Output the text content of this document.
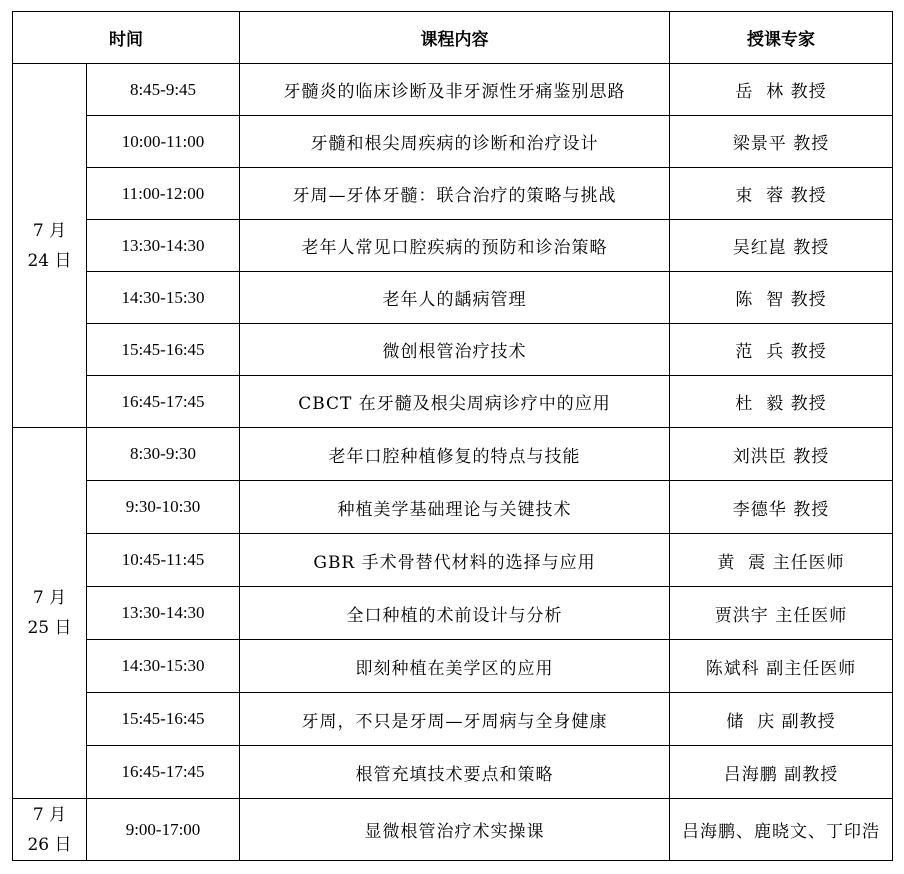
时间		课程内容	授课专家

7 月
24 日	8:45-9:45	牙髓炎的临床诊断及非牙源性牙痛鉴别思路	岳  林 教授
	10:00-11:00	牙髓和根尖周疾病的诊断和治疗设计	梁景平 教授
	11:00-12:00	牙周—牙体牙髓：联合治疗的策略与挑战	束  蓉 教授
	13:30-14:30	老年人常见口腔疾病的预防和诊治策略	吴红崑 教授
	14:30-15:30	老年人的龋病管理	陈  智 教授
	15:45-16:45	微创根管治疗技术	范  兵 教授
	16:45-17:45	CBCT 在牙髓及根尖周病诊疗中的应用	杜  毅 教授

7 月
25 日	8:30-9:30	老年口腔种植修复的特点与技能	刘洪臣 教授
	9:30-10:30	种植美学基础理论与关键技术	李德华 教授
	10:45-11:45	GBR 手术骨替代材料的选择与应用	黄  震 主任医师
	13:30-14:30	全口种植的术前设计与分析	贾洪宇 主任医师
	14:30-15:30	即刻种植在美学区的应用	陈斌科 副主任医师
	15:45-16:45	牙周，不只是牙周—牙周病与全身健康	储  庆 副教授
	16:45-17:45	根管充填技术要点和策略	吕海鹏 副教授

7 月
26 日	9:00-17:00	显微根管治疗术实操课	吕海鹏、鹿晓文、丁印浩
